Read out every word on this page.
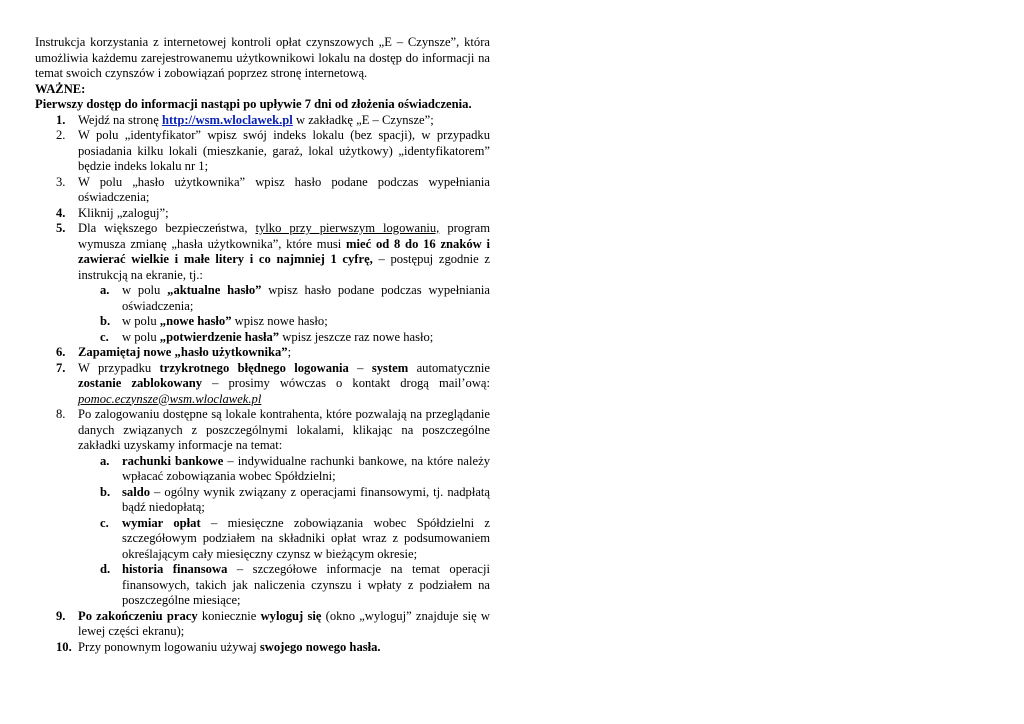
Instrukcja korzystania z internetowej kontroli opłat czynszowych „E – Czynsze”, która umożliwia każdemu zarejestrowanemu użytkownikowi lokalu na dostęp do informacji na temat swoich czynszów i zobowiązań poprzez stronę internetową.
WAŻNE:
Pierwszy dostęp do informacji nastąpi po upływie 7 dni od złożenia oświadczenia.
1. Wejdź na stronę http://wsm.wloclawek.pl w zakładkę „E – Czynsze”;
2. W polu „identyfikator” wpisz swój indeks lokalu (bez spacji), w przypadku posiadania kilku lokali (mieszkanie, garaż, lokal użytkowy) „identyfikatorem” będzie indeks lokalu nr 1;
3. W polu „hasło użytkownika” wpisz hasło podane podczas wypełniania oświadczenia;
4. Kliknij „zaloguj”;
5. Dla większego bezpieczeństwa, tylko przy pierwszym logowaniu, program wymusza zmianę „hasła użytkownika”, które musi mieć od 8 do 16 znaków i zawierać wielkie i małe litery i co najmniej 1 cyfrę, – postępuj zgodnie z instrukcją na ekranie, tj.:
a. w polu „aktualne hasło” wpisz hasło podane podczas wypełniania oświadczenia;
b. w polu „nowe hasło” wpisz nowe hasło;
c.	w polu „potwierdzenie hasła” wpisz jeszcze raz nowe hasło;
6. Zapamiętaj nowe „hasło użytkownika”;
7. W przypadku trzykrotnego błędnego logowania – system automatycznie zostanie zablokowany – prosimy wówczas o kontakt drogą mail’ową: pomoc.eczynsze@wsm.wloclawek.pl
8. Po zalogowaniu dostępne są lokale kontrahenta, które pozwalają na przeglądanie danych związanych z poszczególnymi lokalami, klikając na poszczególne zakładki uzyskamy informacje na temat:
a. rachunki bankowe – indywidualne rachunki bankowe, na które należy wpłacać zobowiązania wobec Spółdzielni;
b. saldo – ogólny wynik związany z operacjami finansowymi, tj. nadpłatą bądź niedopłatą;
c.	wymiar opłat – miesięczne zobowiązania wobec Spółdzielni z szczegółowym podziałem na składniki opłat wraz z podsumowaniem określającym cały miesięczny czynsz w bieżącym okresie;
d. historia finansowa – szczegółowe informacje na temat operacji finansowych, takich jak naliczenia czynszu i wpłaty z podziałem na poszczególne miesiące;
9. Po zakończeniu pracy koniecznie wyloguj się (okno „wyloguj” znajduje się w lewej części ekranu);
10. Przy ponownym logowaniu używaj swojego nowego hasła.
